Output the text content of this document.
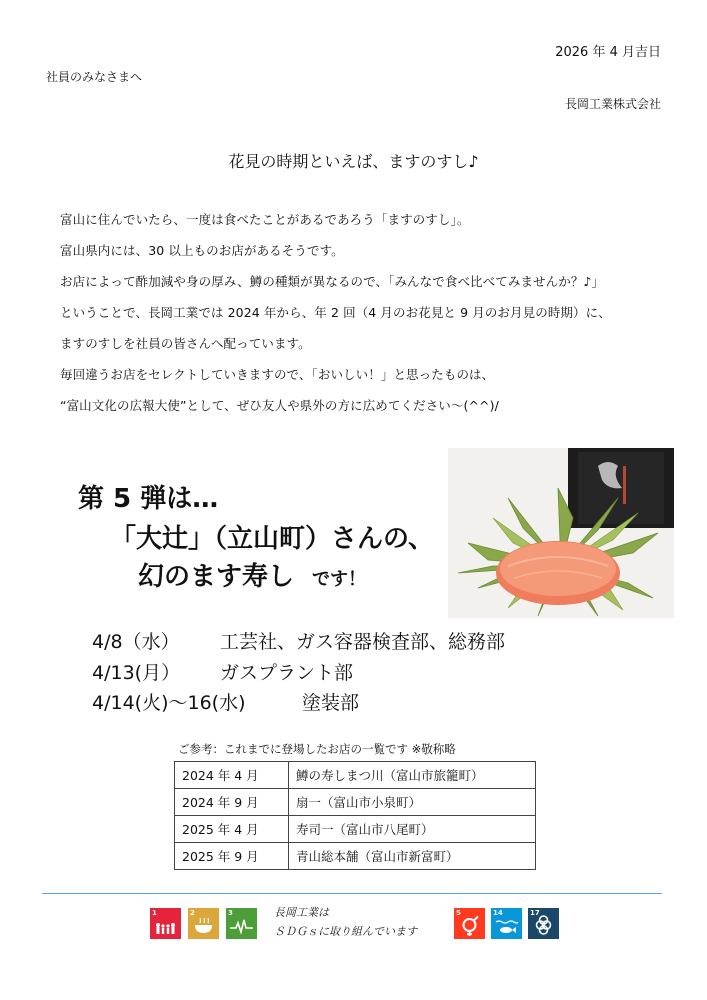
2026 年 4 月吉日
社員のみなさまへ
長岡工業株式会社
花見の時期といえば、ますのすし♪
富山に住んでいたら、一度は食べたことがあるであろう「ますのすし」。
富山県内には、30 以上ものお店があるそうです。
お店によって酢加減や身の厚み、鱒の種類が異なるので、「みんなで食べ比べてみませんか？♪」
ということで、長岡工業では 2024 年から、年 2 回（4 月のお花見と 9 月のお月見の時期）に、
ますのすしを社員の皆さんへ配っています。
毎回違うお店をセレクトしていきますので、「おいしい！」と思ったものは、
“富山文化の広報大使”として、ぜひ友人や県外の方に広めてください～(^^)/
第 5 弾は…
「大辻」（立山町）さんの、
幻のます寿し です！
4/8（水） 工芸社、ガス容器検査部、総務部
4/13(月） ガスプラント部
4/14(火)～16(水)	塗装部
ご参考：これまでに登場したお店の一覧です ※敬称略
2024 年 4 月	鱒の寿しまつ川（富山市旅籠町）
2024 年 9 月	扇一（富山市小泉町）
2025 年 4 月	寿司一（富山市八尾町）
2025 年 9 月	青山総本舗（富山市新富町）
1	2	3	長岡工業は
ＳＤＧｓに取り組んでいます
5	14	17
